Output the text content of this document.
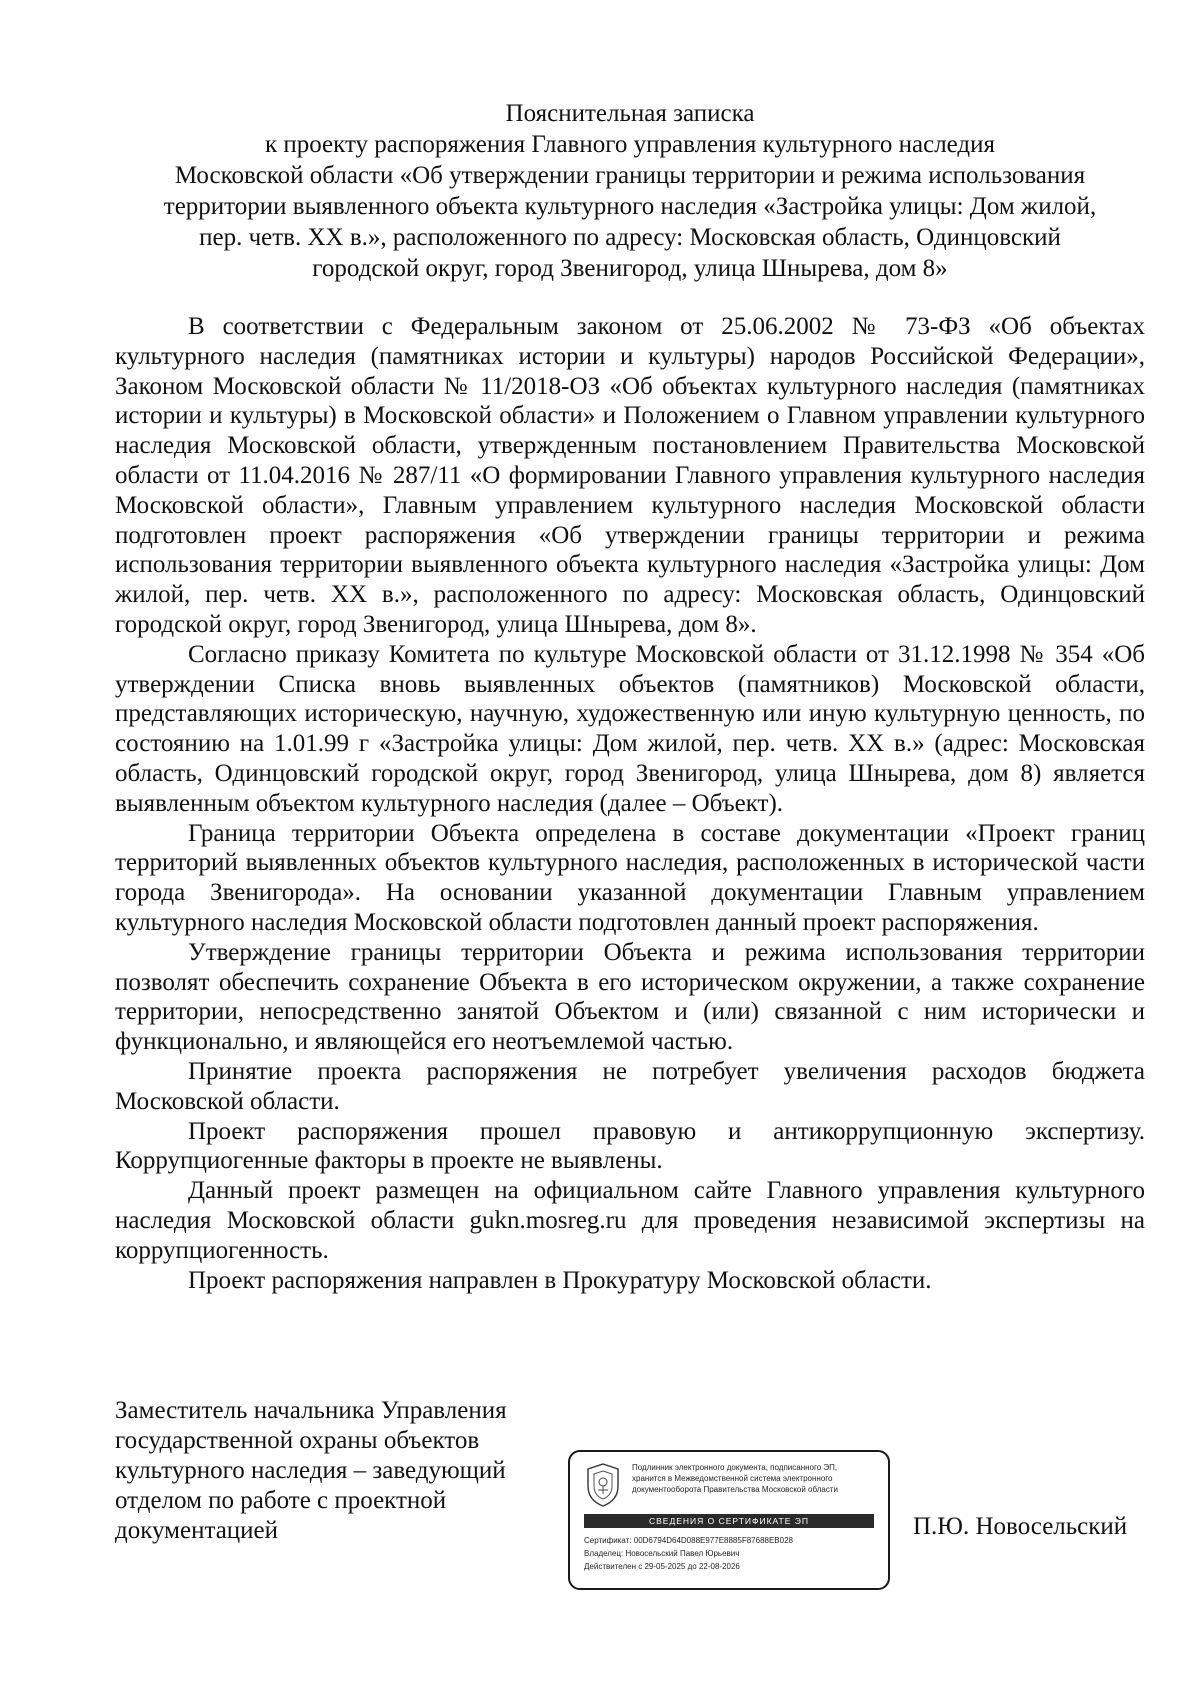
Пояснительная записка
к проекту распоряжения Главного управления культурного наследия
Московской области «Об утверждении границы территории и режима использования
территории выявленного объекта культурного наследия «Застройка улицы: Дом жилой,
пер. четв. XX в.», расположенного по адресу: Московская область, Одинцовский
городской округ, город Звенигород, улица Шнырева, дом 8»

В соответствии с Федеральным законом от 25.06.2002 № 73-ФЗ «Об объектах культурного наследия (памятниках истории и культуры) народов Российской Федерации», Законом Московской области № 11/2018-ОЗ «Об объектах культурного наследия (памятниках истории и культуры) в Московской области» и Положением о Главном управлении культурного наследия Московской области, утвержденным постановлением Правительства Московской области от 11.04.2016 № 287/11 «О формировании Главного управления культурного наследия Московской области», Главным управлением культурного наследия Московской области подготовлен проект распоряжения «Об утверждении границы территории и режима использования территории выявленного объекта культурного наследия «Застройка улицы: Дом жилой, пер. четв. XX в.», расположенного по адресу: Московская область, Одинцовский городской округ, город Звенигород, улица Шнырева, дом 8».

Согласно приказу Комитета по культуре Московской области от 31.12.1998 № 354 «Об утверждении Списка вновь выявленных объектов (памятников) Московской области, представляющих историческую, научную, художественную или иную культурную ценность, по состоянию на 1.01.99 г «Застройка улицы: Дом жилой, пер. четв. XX в.» (адрес: Московская область, Одинцовский городской округ, город Звенигород, улица Шнырева, дом 8) является выявленным объектом культурного наследия (далее – Объект).

Граница территории Объекта определена в составе документации «Проект границ территорий выявленных объектов культурного наследия, расположенных в исторической части города Звенигорода». На основании указанной документации Главным управлением культурного наследия Московской области подготовлен данный проект распоряжения.

Утверждение границы территории Объекта и режима использования территории позволят обеспечить сохранение Объекта в его историческом окружении, а также сохранение территории, непосредственно занятой Объектом и (или) связанной с ним исторически и функционально, и являющейся его неотъемлемой частью.

Принятие проекта распоряжения не потребует увеличения расходов бюджета Московской области.

Проект распоряжения прошел правовую и антикоррупционную экспертизу. Коррупциогенные факторы в проекте не выявлены.

Данный проект размещен на официальном сайте Главного управления культурного наследия Московской области gukn.mosreg.ru для проведения независимой экспертизы на коррупциогенность.

Проект распоряжения направлен в Прокуратуру Московской области.

Заместитель начальника Управления
государственной охраны объектов
культурного наследия – заведующий
отделом по работе с проектной
документацией
Подлинник электронного документа, подписанного ЭП,
хранится в Межведомственной система электронного
документооборота Правительства Московской области
СВЕДЕНИЯ О СЕРТИФИКАТЕ ЭП
Сертификат: 00D6794D64D088E977E8885F87688EB028
Владелец: Новосельский Павел Юрьевич
Действителен с 29-05-2025 до 22-08-2026
П.Ю. Новосельский
